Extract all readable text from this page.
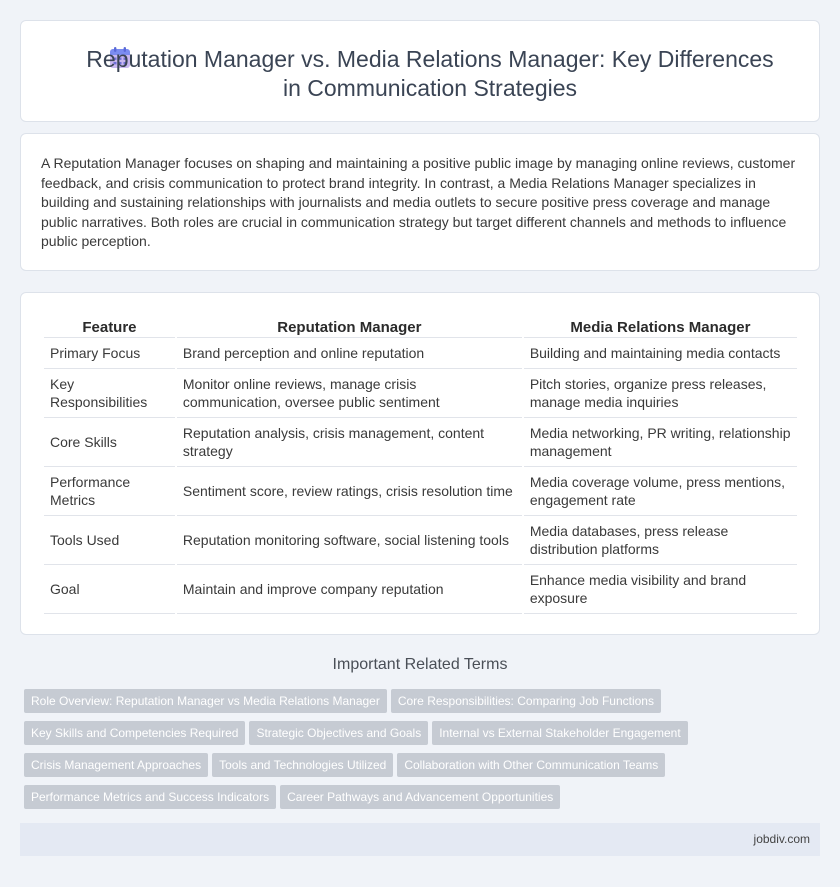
Reputation Manager vs. Media Relations Manager: Key Differences in Communication Strategies

A Reputation Manager focuses on shaping and maintaining a positive public image by managing online reviews, customer feedback, and crisis communication to protect brand integrity. In contrast, a Media Relations Manager specializes in building and sustaining relationships with journalists and media outlets to secure positive press coverage and manage public narratives. Both roles are crucial in communication strategy but target different channels and methods to influence public perception.

Feature	Reputation Manager	Media Relations Manager
Primary Focus	Brand perception and online reputation	Building and maintaining media contacts
Key Responsibilities	Monitor online reviews, manage crisis communication, oversee public sentiment	Pitch stories, organize press releases, manage media inquiries
Core Skills	Reputation analysis, crisis management, content strategy	Media networking, PR writing, relationship management
Performance Metrics	Sentiment score, review ratings, crisis resolution time	Media coverage volume, press mentions, engagement rate
Tools Used	Reputation monitoring software, social listening tools	Media databases, press release distribution platforms
Goal	Maintain and improve company reputation	Enhance media visibility and brand exposure
Important Related Terms
Role Overview: Reputation Manager vs Media Relations Manager Core Responsibilities: Comparing Job Functions
Key Skills and Competencies Required Strategic Objectives and Goals Internal vs External Stakeholder Engagement
Crisis Management Approaches Tools and Technologies Utilized Collaboration with Other Communication Teams
Performance Metrics and Success Indicators Career Pathways and Advancement Opportunities
jobdiv.com
